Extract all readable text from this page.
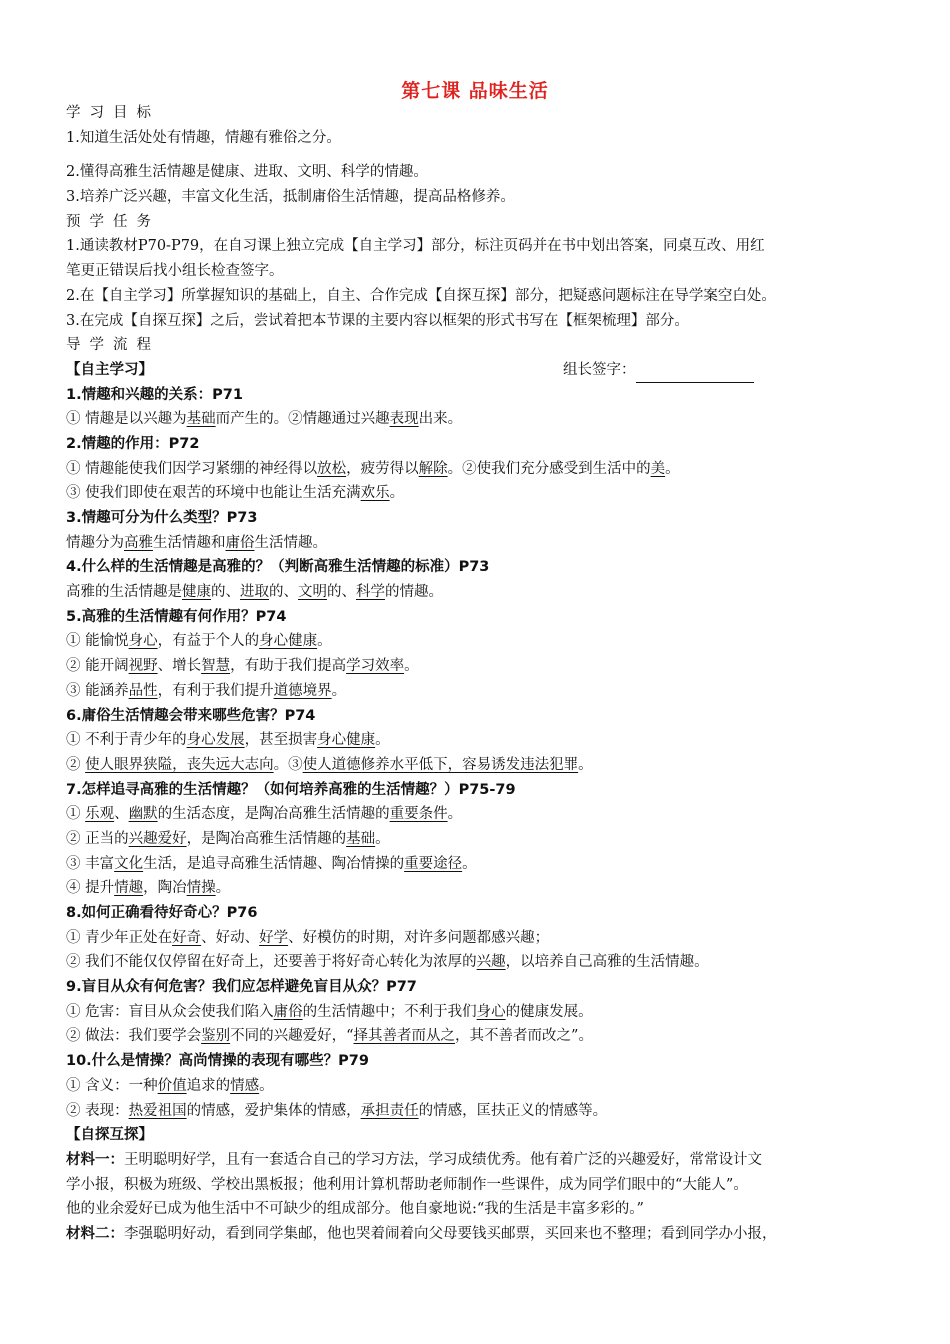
第七课 品味生活
学习目标
1.知道生活处处有情趣，情趣有雅俗之分。
2.懂得高雅生活情趣是健康、进取、文明、科学的情趣。
3.培养广泛兴趣，丰富文化生活，抵制庸俗生活情趣，提高品格修养。
预学任务
1.通读教材P70-P79，在自习课上独立完成【自主学习】部分，标注页码并在书中划出答案，同桌互改、用红
笔更正错误后找小组长检查签字。
2.在【自主学习】所掌握知识的基础上，自主、合作完成【自探互探】部分，把疑惑问题标注在导学案空白处。
3.在完成【自探互探】之后，尝试着把本节课的主要内容以框架的形式书写在【框架梳理】部分。
导学流程
【自主学习】	组长签字：
1.情趣和兴趣的关系：P71
① 情趣是以兴趣为基础而产生的。②情趣通过兴趣表现出来。
2.情趣的作用：P72
① 情趣能使我们因学习紧绷的神经得以放松，疲劳得以解除。②使我们充分感受到生活中的美。
③ 使我们即使在艰苦的环境中也能让生活充满欢乐。
3.情趣可分为什么类型？P73
情趣分为高雅生活情趣和庸俗生活情趣。
4.什么样的生活情趣是高雅的？（判断高雅生活情趣的标准）P73
高雅的生活情趣是健康的、进取的、文明的、科学的情趣。
5.高雅的生活情趣有何作用？P74
① 能愉悦身心，有益于个人的身心健康。
② 能开阔视野、增长智慧，有助于我们提高学习效率。
③ 能涵养品性，有利于我们提升道德境界。
6.庸俗生活情趣会带来哪些危害？P74
① 不利于青少年的身心发展，甚至损害身心健康。
② 使人眼界狭隘，丧失远大志向。③使人道德修养水平低下，容易诱发违法犯罪。
7.怎样追寻高雅的生活情趣？（如何培养高雅的生活情趣？）P75-79
① 乐观、幽默的生活态度，是陶冶高雅生活情趣的重要条件。
② 正当的兴趣爱好，是陶冶高雅生活情趣的基础。
③ 丰富文化生活，是追寻高雅生活情趣、陶冶情操的重要途径。
④ 提升情趣，陶冶情操。
8.如何正确看待好奇心？P76
① 青少年正处在好奇、好动、好学、好模仿的时期，对许多问题都感兴趣；
② 我们不能仅仅停留在好奇上，还要善于将好奇心转化为浓厚的兴趣，以培养自己高雅的生活情趣。
9.盲目从众有何危害？我们应怎样避免盲目从众？P77
① 危害：盲目从众会使我们陷入庸俗的生活情趣中；不利于我们身心的健康发展。
② 做法：我们要学会鉴别不同的兴趣爱好，“择其善者而从之，其不善者而改之”。
10.什么是情操？高尚情操的表现有哪些？P79
① 含义：一种价值追求的情感。
② 表现：热爱祖国的情感，爱护集体的情感，承担责任的情感，匡扶正义的情感等。
【自探互探】
材料一：王明聪明好学，且有一套适合自己的学习方法，学习成绩优秀。他有着广泛的兴趣爱好，常常设计文
学小报，积极为班级、学校出黑板报；他利用计算机帮助老师制作一些课件，成为同学们眼中的“大能人”。
他的业余爱好已成为他生活中不可缺少的组成部分。他自豪地说:“我的生活是丰富多彩的。”
材料二：李强聪明好动，看到同学集邮，他也哭着闹着向父母要钱买邮票，买回来也不整理；看到同学办小报，
